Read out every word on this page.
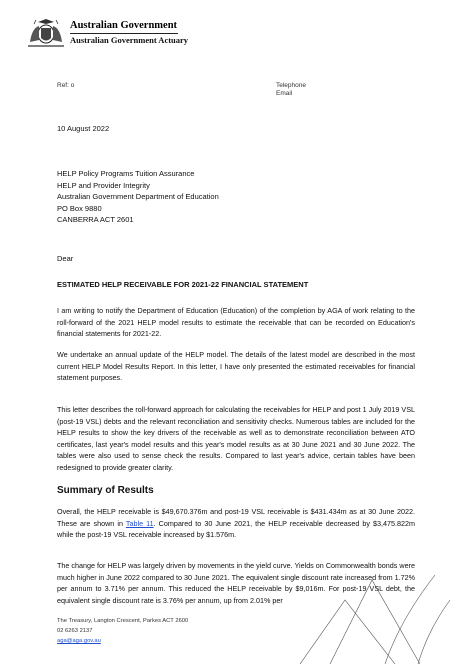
Australian Government
Australian Government Actuary
Ref: o	Telephone
Email
10 August 2022
HELP Policy Programs Tuition Assurance
HELP and Provider Integrity
Australian Government Department of Education
PO Box 9880
CANBERRA ACT 2601
Dear
ESTIMATED HELP RECEIVABLE FOR 2021-22 FINANCIAL STATEMENT
I am writing to notify the Department of Education (Education) of the completion by AGA of work relating to the roll-forward of the 2021 HELP model results to estimate the receivable that can be recorded on Education's financial statements for 2021-22.
We undertake an annual update of the HELP model. The details of the latest model are described in the most current HELP Model Results Report. In this letter, I have only presented the estimated receivables for financial statement purposes.
This letter describes the roll-forward approach for calculating the receivables for HELP and post 1 July 2019 VSL (post-19 VSL) debts and the relevant reconciliation and sensitivity checks. Numerous tables are included for the HELP results to show the key drivers of the receivable as well as to demonstrate reconciliation between ATO certificates, last year's model results and this year's model results as at 30 June 2021 and 30 June 2022. The tables were also used to sense check the results. Compared to last year's advice, certain tables have been redesigned to provide greater clarity.
Summary of Results
Overall, the HELP receivable is $49,670.376m and post-19 VSL receivable is $431.434m as at 30 June 2022. These are shown in Table 11. Compared to 30 June 2021, the HELP receivable decreased by $3,475.822m while the post-19 VSL receivable increased by $1.576m.
The change for HELP was largely driven by movements in the yield curve. Yields on Commonwealth bonds were much higher in June 2022 compared to 30 June 2021. The equivalent single discount rate increased from 1.72% per annum to 3.71% per annum. This reduced the HELP receivable by $9,016m. For post-19 VSL debt, the equivalent single discount rate is 3.76% per annum, up from 2.01% per
The Treasury, Langton Crescent, Parkes ACT 2600
02 6263 2137
aga@aga.gov.au
